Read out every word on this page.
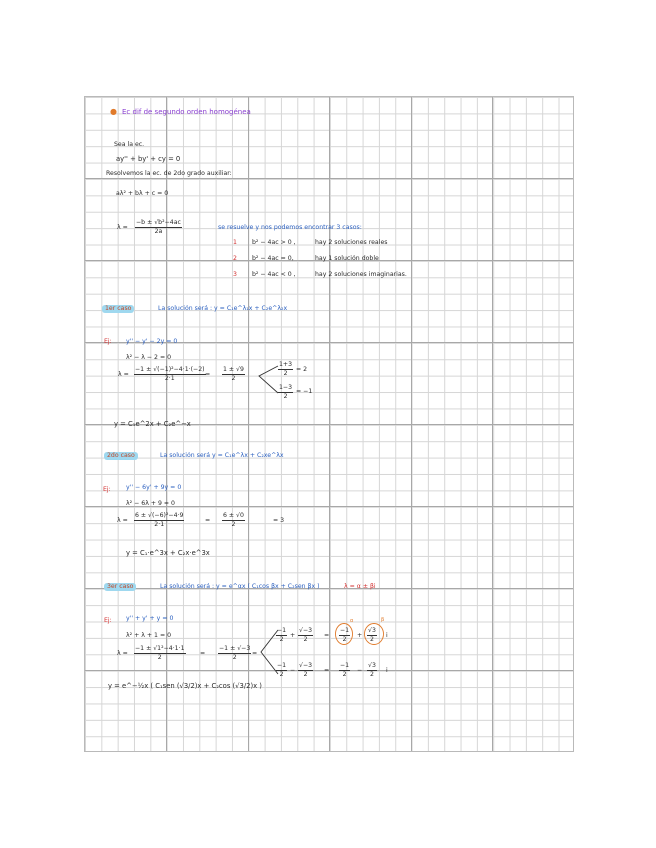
● Ec dif de segundo orden homogénea
Sea la ec.
ay'' + by' + cy = 0
Resolvemos la ec. de 2do grado auxiliar:
aλ² + bλ + c = 0
$\lambda = \frac{\text{−b ± √b²−4ac}}{2a}$	se resuelve y nos podemos encontrar 3 casos:
1 b² − 4ac > 0 ,	hay 2 soluciones reales
2 b² − 4ac = 0,	hay 1 solución doble
3 b² − 4ac < 0 ,	hay 2 soluciones imaginarias.
1er caso	La solución será : y = C₁e^λ₁x + C₂e^λ₂x
Ej: y'' − y' − 2y = 0
λ² − λ − 2 = 0
$\lambda = \frac{\text{−1 ± √(−1)²−4·1·(−2)}}{2\cdot 1} = \frac{1 \pm √9}{2}$	$\frac{1+3}{2} = 2$
$\frac{1-3}{2} = -1$
y = C₁e^2x + C₂e^−x
2do caso	La solución será y = C₁e^λx + C₂xe^λx
Ej: y'' − 6y' + 9y = 0
λ² − 6λ + 9 = 0
$\lambda = \frac{\text{6 ± √(−6)²−4·9}}{2\cdot 1}$	= $\frac{6 \pm √0}{2}$	= 3
y = C₁·e^3x + C₂x·e^3x
3er caso	La solución será : y = e^αx ( C₁cos βx + C₂sen βx )	λ = α ± βi
Ej: y'' + y' + y = 0
λ² + λ + 1 = 0
$\lambda = \frac{\text{−1 ± √1²−4·1·1}}{2} = \frac{-1 \pm √-3}{2}$ =
$\frac{-1}{2} + \frac{√-3}{2}$ =
α
$\frac{-1}{2}$ +
β
$\frac{√3}{2}$ i
$\frac{-1}{2} - \frac{√-3}{2} = \frac{-1}{2} - \frac{√3}{2}$ i
y = e^−½x ( C₁sen (√3/2)x + C₂cos (√3/2)x )
